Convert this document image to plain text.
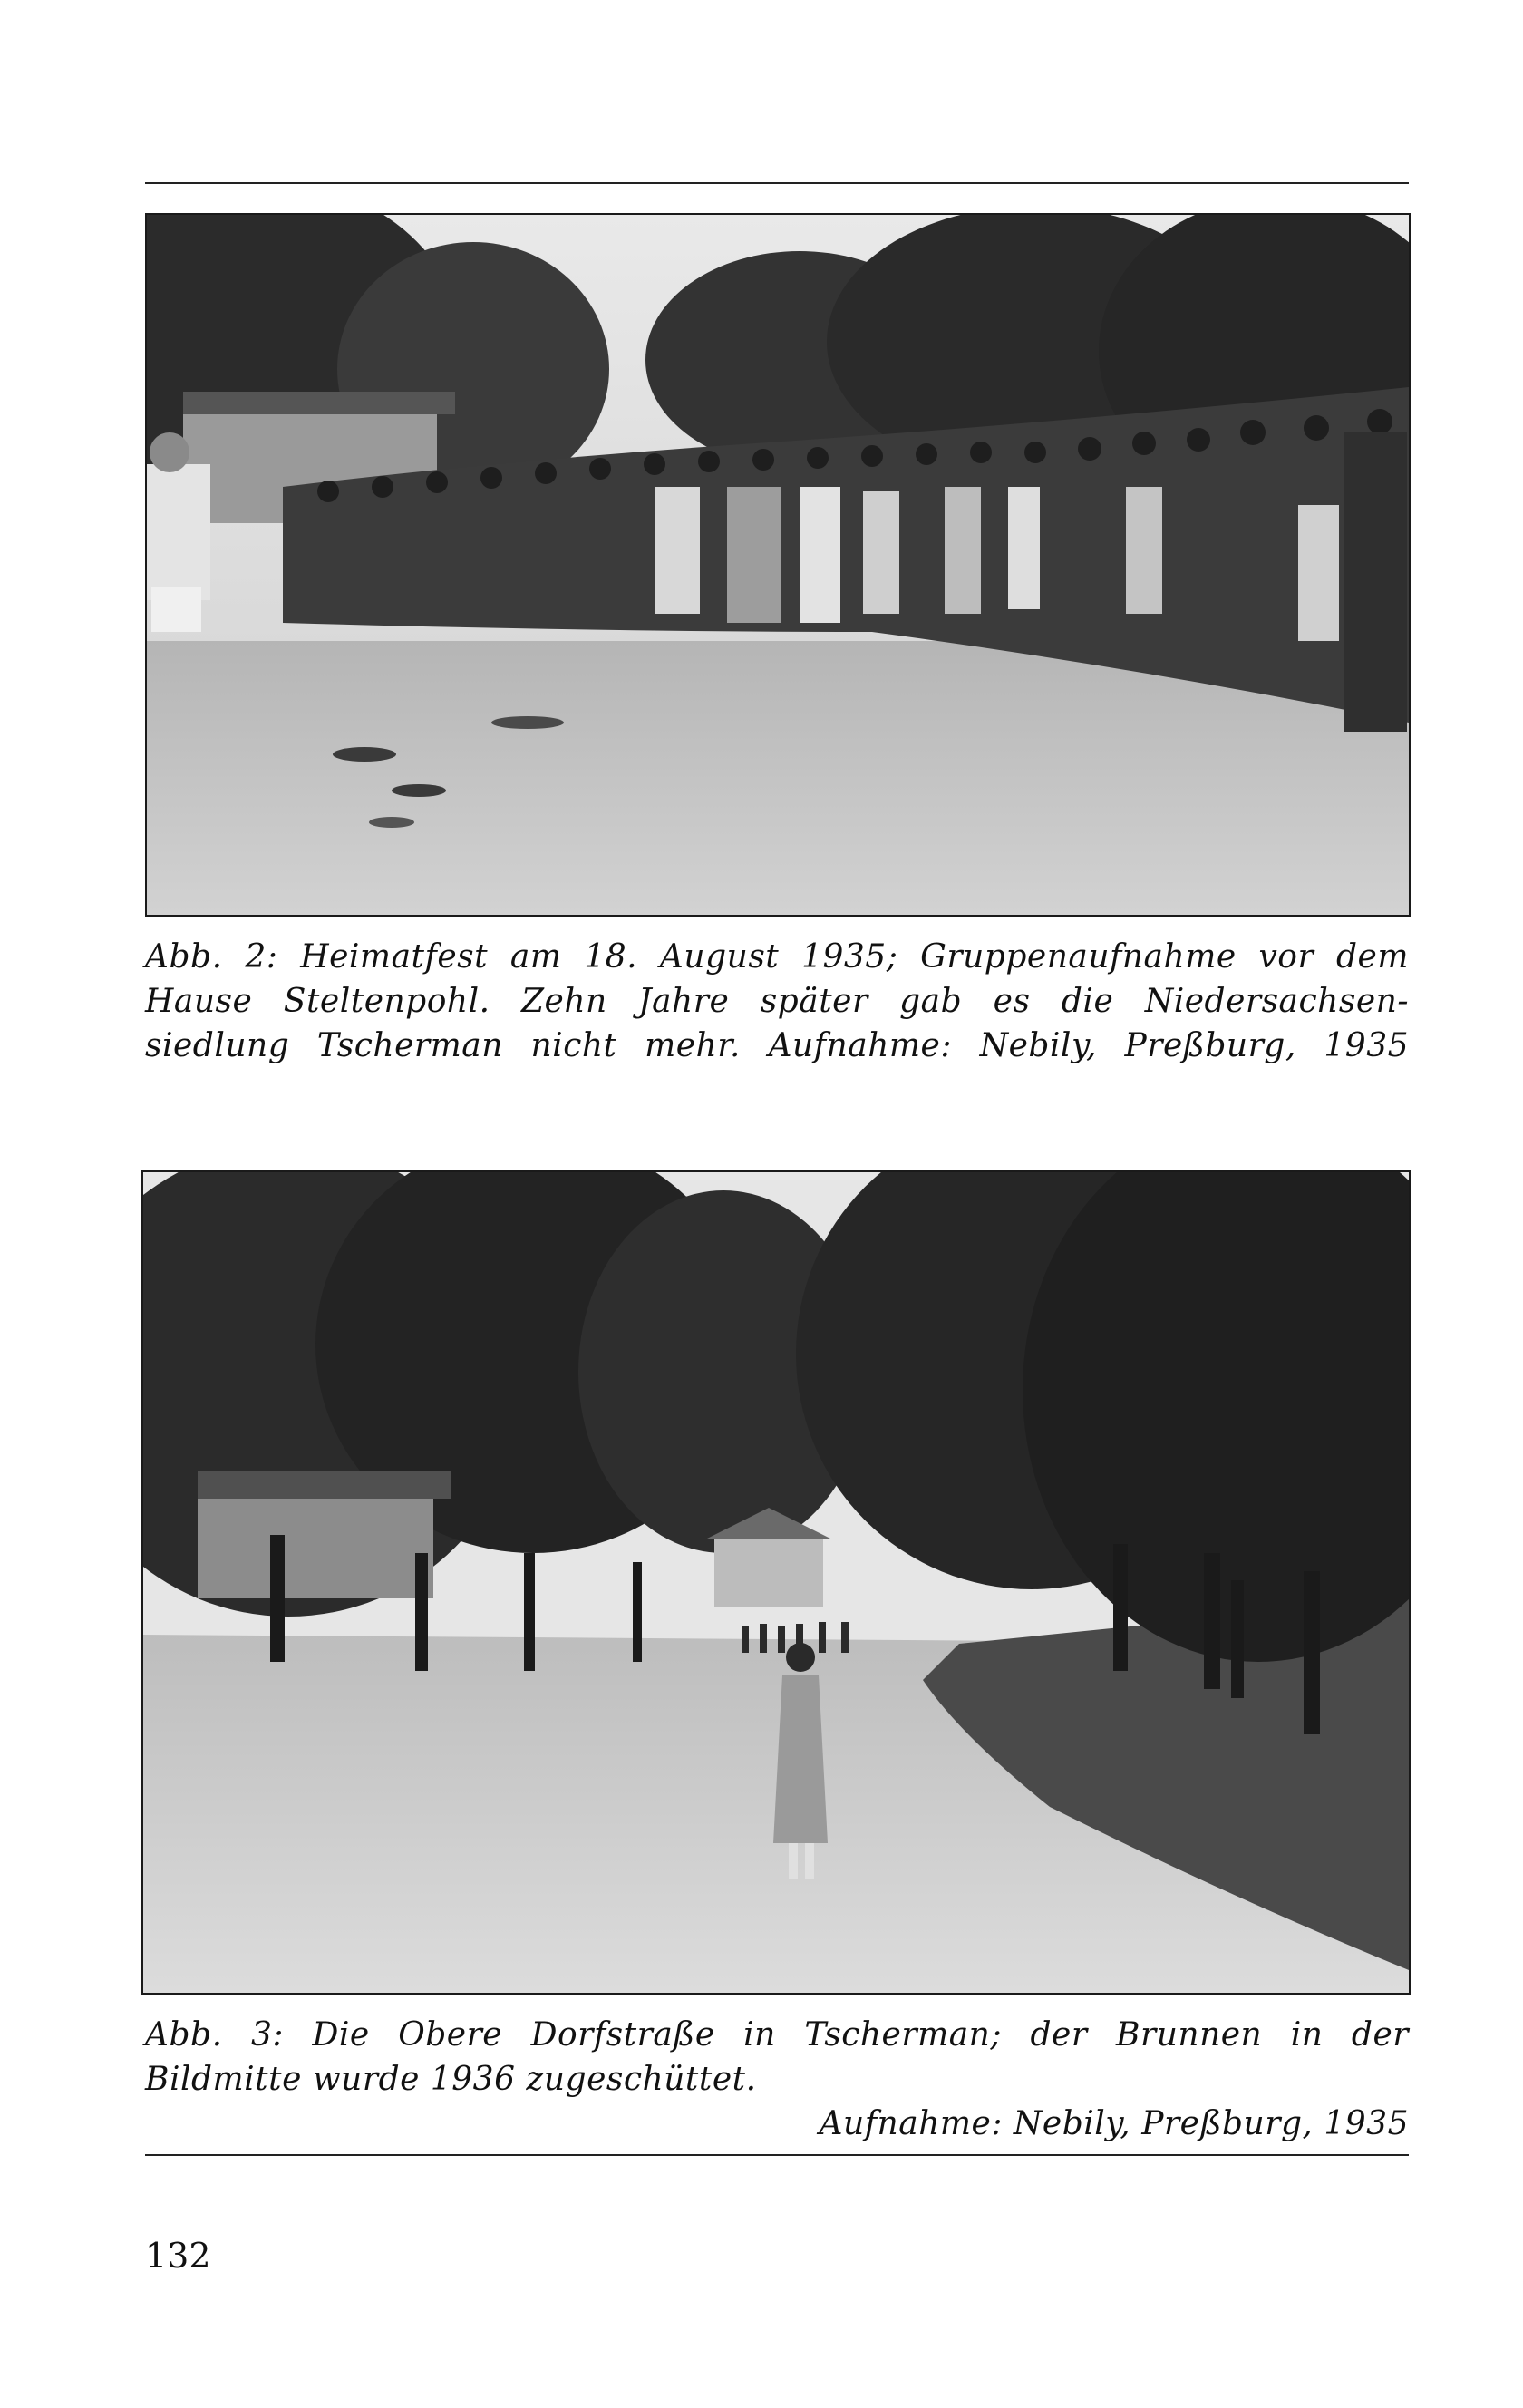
Abb. 2: Heimatfest am 18. August 1935; Gruppenaufnahme vor dem
Hause Steltenpohl. Zehn Jahre später gab es die Niedersachsen-
siedlung Tscherman nicht mehr. Aufnahme: Nebily, Preßburg, 1935
Abb. 3: Die Obere Dorfstraße in Tscherman; der Brunnen in der
Bildmitte wurde 1936 zugeschüttet.
Aufnahme: Nebily, Preßburg, 1935
132
